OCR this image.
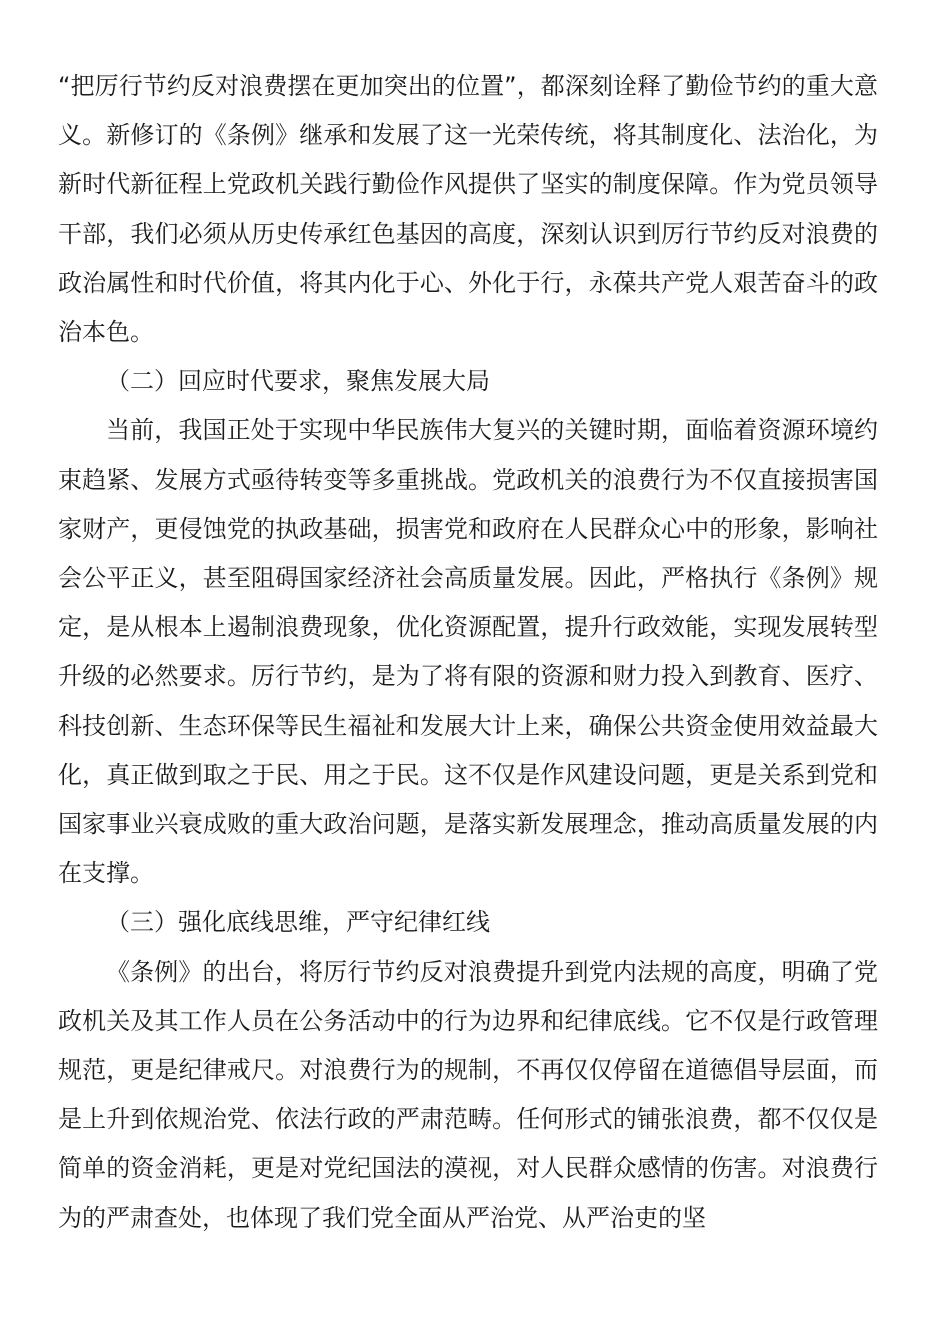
“把厉行节约反对浪费摆在更加突出的位置”，都深刻诠释了勤俭节约的重大意义。新修订的《条例》继承和发展了这一光荣传统，将其制度化、法治化，为新时代新征程上党政机关践行勤俭作风提供了坚实的制度保障。作为党员领导干部，我们必须从历史传承红色基因的高度，深刻认识到厉行节约反对浪费的政治属性和时代价值，将其内化于心、外化于行，永葆共产党人艰苦奋斗的政治本色。

（二）回应时代要求，聚焦发展大局

当前，我国正处于实现中华民族伟大复兴的关键时期，面临着资源环境约束趋紧、发展方式亟待转变等多重挑战。党政机关的浪费行为不仅直接损害国家财产，更侵蚀党的执政基础，损害党和政府在人民群众心中的形象，影响社会公平正义，甚至阻碍国家经济社会高质量发展。因此，严格执行《条例》规定，是从根本上遏制浪费现象，优化资源配置，提升行政效能，实现发展转型升级的必然要求。厉行节约，是为了将有限的资源和财力投入到教育、医疗、科技创新、生态环保等民生福祉和发展大计上来，确保公共资金使用效益最大化，真正做到取之于民、用之于民。这不仅是作风建设问题，更是关系到党和国家事业兴衰成败的重大政治问题，是落实新发展理念，推动高质量发展的内在支撑。

（三）强化底线思维，严守纪律红线

《条例》的出台，将厉行节约反对浪费提升到党内法规的高度，明确了党政机关及其工作人员在公务活动中的行为边界和纪律底线。它不仅是行政管理规范，更是纪律戒尺。对浪费行为的规制，不再仅仅停留在道德倡导层面，而是上升到依规治党、依法行政的严肃范畴。任何形式的铺张浪费，都不仅仅是简单的资金消耗，更是对党纪国法的漠视，对人民群众感情的伤害。对浪费行为的严肃查处，也体现了我们党全面从严治党、从严治吏的坚
